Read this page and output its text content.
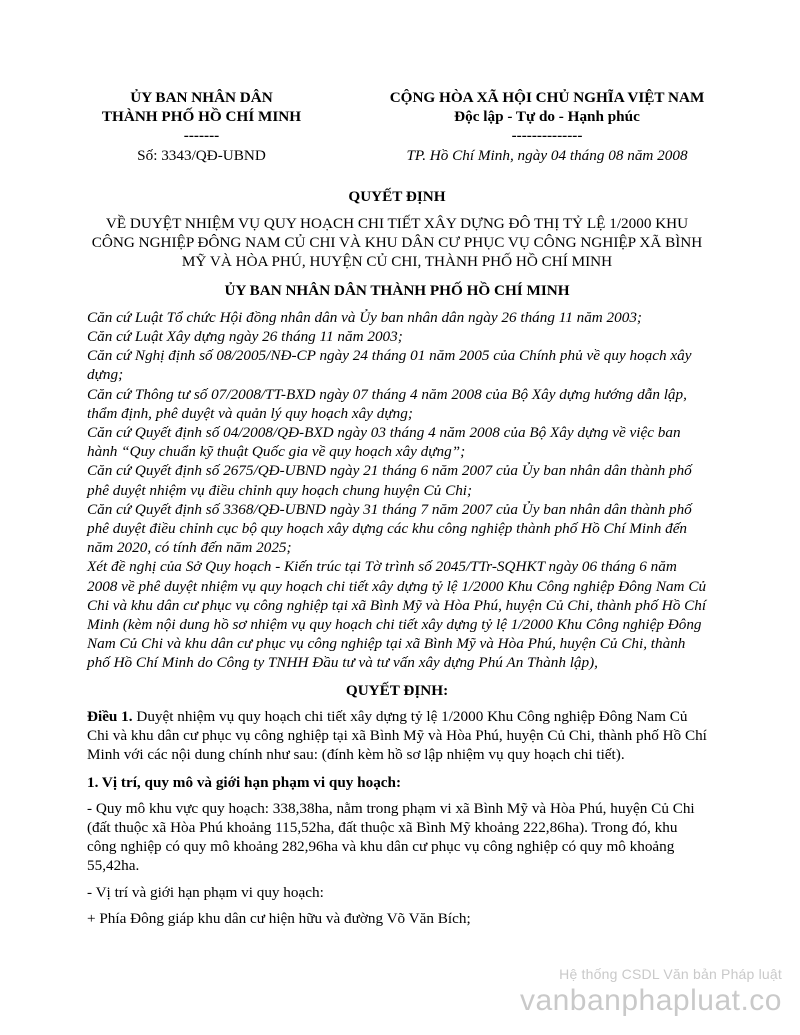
ỦY BAN NHÂN DÂN
THÀNH PHỐ HỒ CHÍ MINH
-------
Số: 3343/QĐ-UBND
CỘNG HÒA XÃ HỘI CHỦ NGHĨA VIỆT NAM
Độc lập - Tự do - Hạnh phúc
--------------
TP. Hồ Chí Minh, ngày 04 tháng 08 năm 2008
QUYẾT ĐỊNH
VỀ DUYỆT NHIỆM VỤ QUY HOẠCH CHI TIẾT XÂY DỰNG ĐÔ THỊ TỶ LỆ 1/2000 KHU CÔNG NGHIỆP ĐÔNG NAM CỦ CHI VÀ KHU DÂN CƯ PHỤC VỤ CÔNG NGHIỆP XÃ BÌNH MỸ VÀ HÒA PHÚ, HUYỆN CỦ CHI, THÀNH PHỐ HỒ CHÍ MINH
ỦY BAN NHÂN DÂN THÀNH PHỐ HỒ CHÍ MINH

Căn cứ Luật Tổ chức Hội đồng nhân dân và Ủy ban nhân dân ngày 26 tháng 11 năm 2003;

Căn cứ Luật Xây dựng ngày 26 tháng 11 năm 2003;

Căn cứ Nghị định số 08/2005/NĐ-CP ngày 24 tháng 01 năm 2005 của Chính phủ về quy hoạch xây dựng;

Căn cứ Thông tư số 07/2008/TT-BXD ngày 07 tháng 4 năm 2008 của Bộ Xây dựng hướng dẫn lập, thẩm định, phê duyệt và quản lý quy hoạch xây dựng;

Căn cứ Quyết định số 04/2008/QĐ-BXD ngày 03 tháng 4 năm 2008 của Bộ Xây dựng về việc ban hành “Quy chuẩn kỹ thuật Quốc gia về quy hoạch xây dựng”;

Căn cứ Quyết định số 2675/QĐ-UBND ngày 21 tháng 6 năm 2007 của Ủy ban nhân dân thành phố phê duyệt nhiệm vụ điều chỉnh quy hoạch chung huyện Củ Chi;

Căn cứ Quyết định số 3368/QĐ-UBND ngày 31 tháng 7 năm 2007 của Ủy ban nhân dân thành phố phê duyệt điều chỉnh cục bộ quy hoạch xây dựng các khu công nghiệp thành phố Hồ Chí Minh đến năm 2020, có tính đến năm 2025;

Xét đề nghị của Sở Quy hoạch - Kiến trúc tại Tờ trình số 2045/TTr-SQHKT ngày 06 tháng 6 năm 2008 về phê duyệt nhiệm vụ quy hoạch chi tiết xây dựng tỷ lệ 1/2000 Khu Công nghiệp Đông Nam Củ Chi và khu dân cư phục vụ công nghiệp tại xã Bình Mỹ và Hòa Phú, huyện Củ Chi, thành phố Hồ Chí Minh (kèm nội dung hồ sơ nhiệm vụ quy hoạch chi tiết xây dựng tỷ lệ 1/2000 Khu Công nghiệp Đông Nam Củ Chi và khu dân cư phục vụ công nghiệp tại xã Bình Mỹ và Hòa Phú, huyện Củ Chi, thành phố Hồ Chí Minh do Công ty TNHH Đầu tư và tư vấn xây dựng Phú An Thành lập),

QUYẾT ĐỊNH:
Điều 1. Duyệt nhiệm vụ quy hoạch chi tiết xây dựng tỷ lệ 1/2000 Khu Công nghiệp Đông Nam Củ Chi và khu dân cư phục vụ công nghiệp tại xã Bình Mỹ và Hòa Phú, huyện Củ Chi, thành phố Hồ Chí Minh với các nội dung chính như sau: (đính kèm hồ sơ lập nhiệm vụ quy hoạch chi tiết).
1. Vị trí, quy mô và giới hạn phạm vi quy hoạch:
- Quy mô khu vực quy hoạch: 338,38ha, nằm trong phạm vi xã Bình Mỹ và Hòa Phú, huyện Củ Chi (đất thuộc xã Hòa Phú khoảng 115,52ha, đất thuộc xã Bình Mỹ khoảng 222,86ha). Trong đó, khu công nghiệp có quy mô khoảng 282,96ha và khu dân cư phục vụ công nghiệp có quy mô khoảng 55,42ha.
- Vị trí và giới hạn phạm vi quy hoạch:
+ Phía Đông giáp khu dân cư hiện hữu và đường Võ Văn Bích;
Hệ thống CSDL Văn bản Pháp luật
vanbanphapluat.co
